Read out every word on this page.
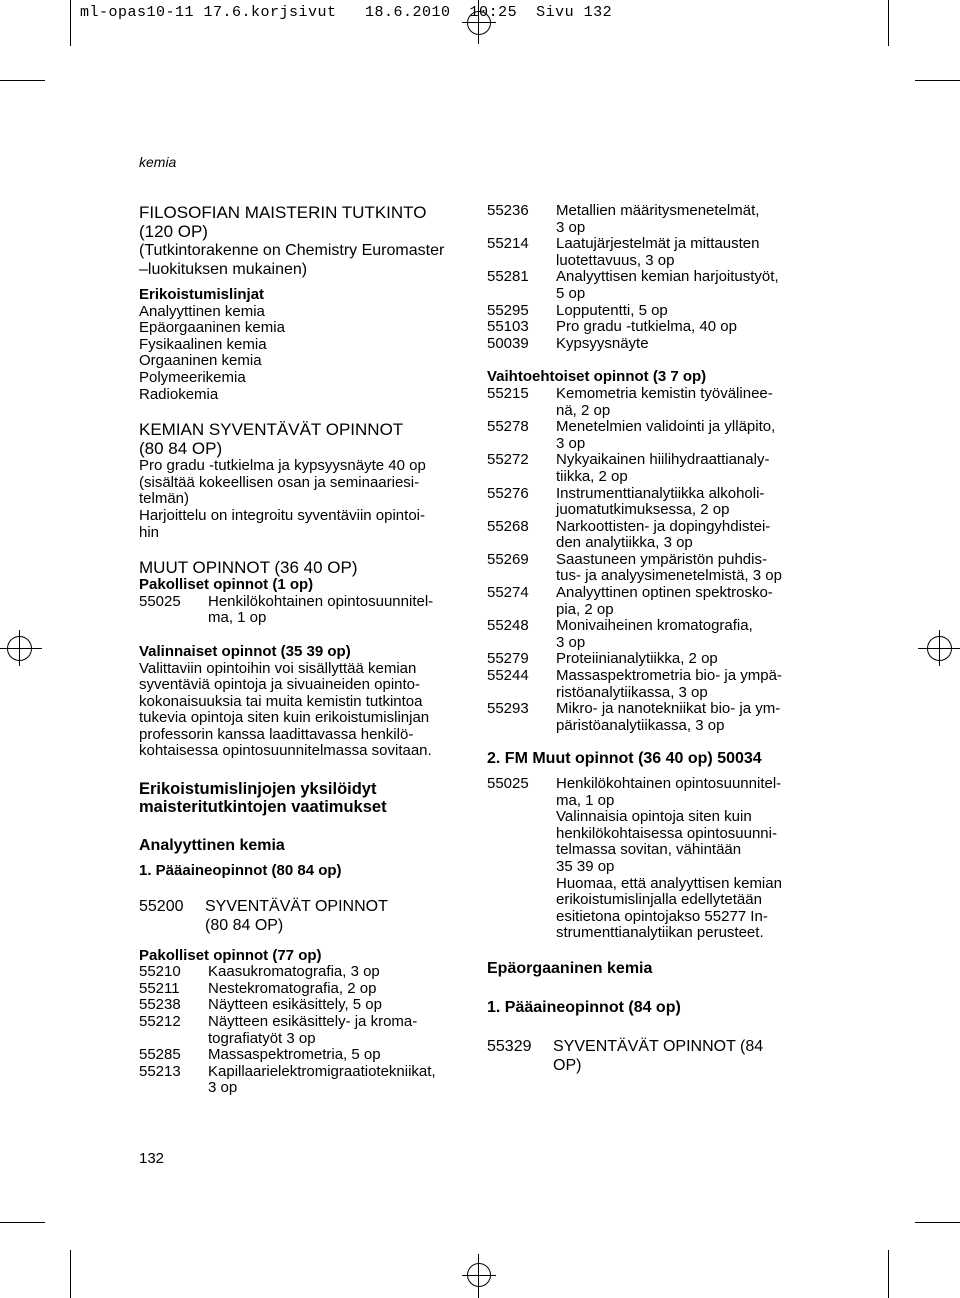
ml-opas10-11 17.6.korjsivut   18.6.2010  10:25  Sivu 132
kemia
FILOSOFIAN MAISTERIN TUTKINTO
(120 OP)
(Tutkintorakenne on Chemistry Euromaster
–luokituksen mukainen)
Erikoistumislinjat
Analyyttinen kemia
Epäorgaaninen kemia
Fysikaalinen kemia
Orgaaninen kemia
Polymeerikemia
Radiokemia
KEMIAN SYVENTÄVÄT OPINNOT
(80 84 OP)
Pro gradu -tutkielma ja kypsyysnäyte 40 op
(sisältää kokeellisen osan ja seminaariesi-
telmän)
Harjoittelu on integroitu syventäviin opintoi-
hin
MUUT OPINNOT (36 40 OP)
Pakolliset opinnot (1 op)
55025	Henkilökohtainen opintosuunnitel-
ma, 1 op
Valinnaiset opinnot (35 39 op)
Valittaviin opintoihin voi sisällyttää kemian
syventäviä opintoja ja sivuaineiden opinto-
kokonaisuuksia tai muita kemistin tutkintoa
tukevia opintoja siten kuin erikoistumislinjan
professorin kanssa laadittavassa henkilö-
kohtaisessa opintosuunnitelmassa sovitaan.
Erikoistumislinjojen yksilöidyt
maisteritutkintojen vaatimukset
Analyyttinen kemia
1. Pääaineopinnot (80 84 op)
55200	SYVENTÄVÄT OPINNOT
(80 84 OP)
Pakolliset opinnot (77 op)
55210	Kaasukromatografia, 3 op
55211	Nestekromatografia, 2 op
55238	Näytteen esikäsittely, 5 op
55212	Näytteen esikäsittely- ja kroma-
tografiatyöt 3 op
55285	Massaspektrometria, 5 op
55213	Kapillaarielektromigraatiotekniikat,
3 op
55236	Metallien määritysmenetelmät,
3 op
55214	Laatujärjestelmät ja mittausten
luotettavuus, 3 op
55281	Analyyttisen kemian harjoitustyöt,
5 op
55295	Lopputentti, 5 op
55103	Pro gradu -tutkielma, 40 op
50039	Kypsyysnäyte
Vaihtoehtoiset opinnot (3 7 op)
55215	Kemometria kemistin työvälinee-
nä, 2 op
55278	Menetelmien validointi ja ylläpito,
3 op
55272	Nykyaikainen hiilihydraattianaly-
tiikka, 2 op
55276	Instrumenttianalytiikka alkoholi-
juomatutkimuksessa, 2 op
55268	Narkoottisten- ja dopingyhdistei-
den analytiikka, 3 op
55269	Saastuneen ympäristön puhdis-
tus- ja analyysimenetelmistä, 3 op
55274	Analyyttinen optinen spektrosko-
pia, 2 op
55248	Monivaiheinen kromatografia,
3 op
55279	Proteiinianalytiikka, 2 op
55244	Massaspektrometria bio- ja ympä-
ristöanalytiikassa, 3 op
55293	Mikro- ja nanotekniikat bio- ja ym-
päristöanalytiikassa, 3 op
2. FM Muut opinnot (36 40 op) 50034
55025	Henkilökohtainen opintosuunnitel-
ma, 1 op
Valinnaisia opintoja siten kuin
henkilökohtaisessa opintosuunni-
telmassa sovitan, vähintään
35 39 op
Huomaa, että analyyttisen kemian
erikoistumislinjalla edellytetään
esitietona opintojakso 55277 In-
strumenttianalytiikan perusteet.
Epäorgaaninen kemia
1. Pääaineopinnot (84 op)
55329	SYVENTÄVÄT OPINNOT (84
OP)
132
